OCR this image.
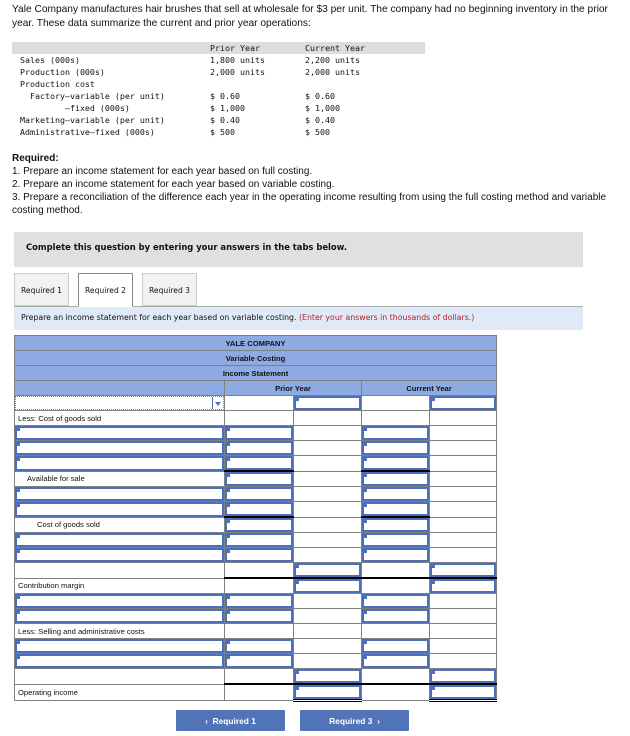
Yale Company manufactures hair brushes that sell at wholesale for $3 per unit. The company had no beginning inventory in the prior year. These data summarize the current and prior year operations:
Prior Year	Current Year
Sales (000s)	1,800 units	2,200 units
Production (000s)	2,000 units	2,000 units
Production cost
Factory—variable (per unit)	$ 0.60	$ 0.60
—fixed (000s)	$ 1,000	$ 1,000
Marketing—variable (per unit)	$ 0.40	$ 0.40
Administrative—fixed (000s)	$ 500	$ 500
Required:
1. Prepare an income statement for each year based on full costing.
2. Prepare an income statement for each year based on variable costing.
3. Prepare a reconciliation of the difference each year in the operating income resulting from using the full costing method and variable costing method.
Complete this question by entering your answers in the tabs below.
Required 1	Required 2	Required 3
Prepare an income statement for each year based on variable costing. (Enter your answers in thousands of dollars.)
YALE COMPANY				
Variable Costing				
Income Statement				
	Prior Year		Current Year	

Less: Cost of goods sold				

Available for sale	

Cost of goods sold	

Contribution margin		

Less: Selling and administrative costs				

Operating income		

‹  Required 1	Required 3  ›
